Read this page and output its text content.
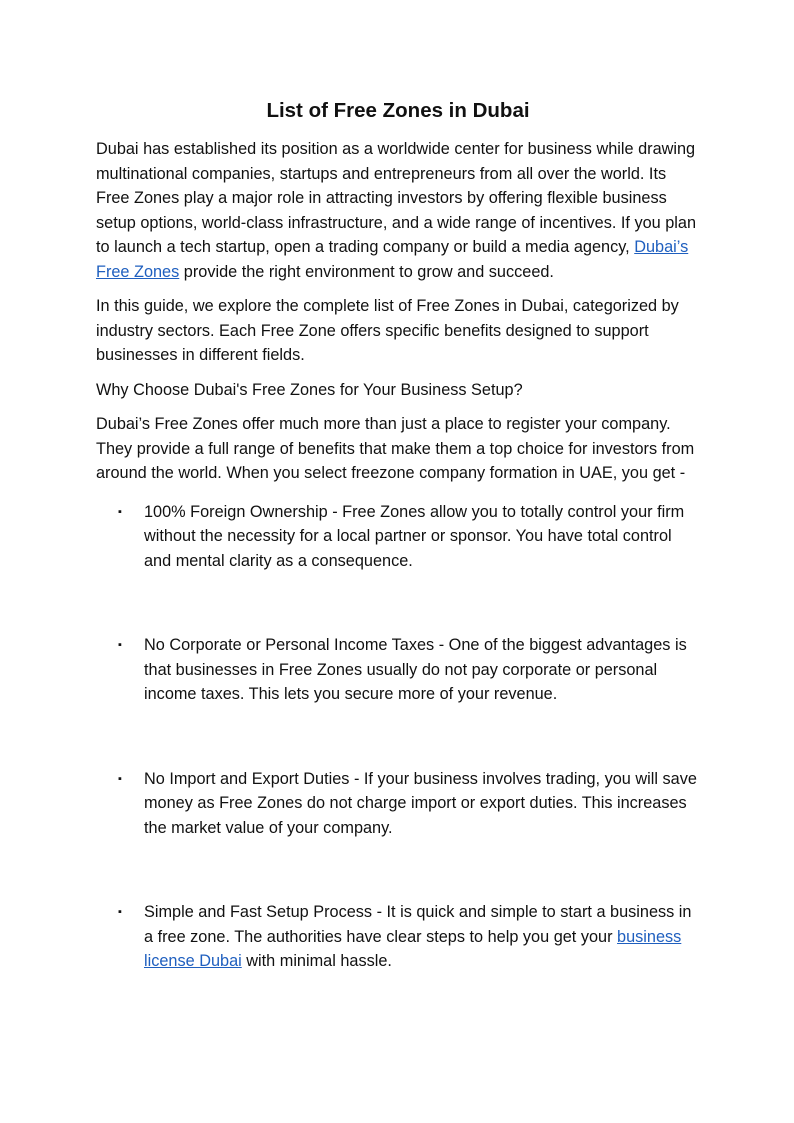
List of Free Zones in Dubai

Dubai has established its position as a worldwide center for business while drawing multinational companies, startups and entrepreneurs from all over the world. Its Free Zones play a major role in attracting investors by offering flexible business setup options, world-class infrastructure, and a wide range of incentives. If you plan to launch a tech startup, open a trading company or build a media agency, Dubai’s Free Zones provide the right environment to grow and succeed.

In this guide, we explore the complete list of Free Zones in Dubai, categorized by industry sectors. Each Free Zone offers specific benefits designed to support businesses in different fields.

Why Choose Dubai's Free Zones for Your Business Setup?

Dubai’s Free Zones offer much more than just a place to register your company. They provide a full range of benefits that make them a top choice for investors from around the world. When you select freezone company formation in UAE, you get -

▪ 100% Foreign Ownership - Free Zones allow you to totally control your firm without the necessity for a local partner or sponsor. You have total control and mental clarity as a consequence.
▪ No Corporate or Personal Income Taxes - One of the biggest advantages is that businesses in Free Zones usually do not pay corporate or personal income taxes. This lets you secure more of your revenue.
▪ No Import and Export Duties - If your business involves trading, you will save money as Free Zones do not charge import or export duties. This increases the market value of your company.
▪ Simple and Fast Setup Process - It is quick and simple to start a business in a free zone. The authorities have clear steps to help you get your business license Dubai with minimal hassle.
